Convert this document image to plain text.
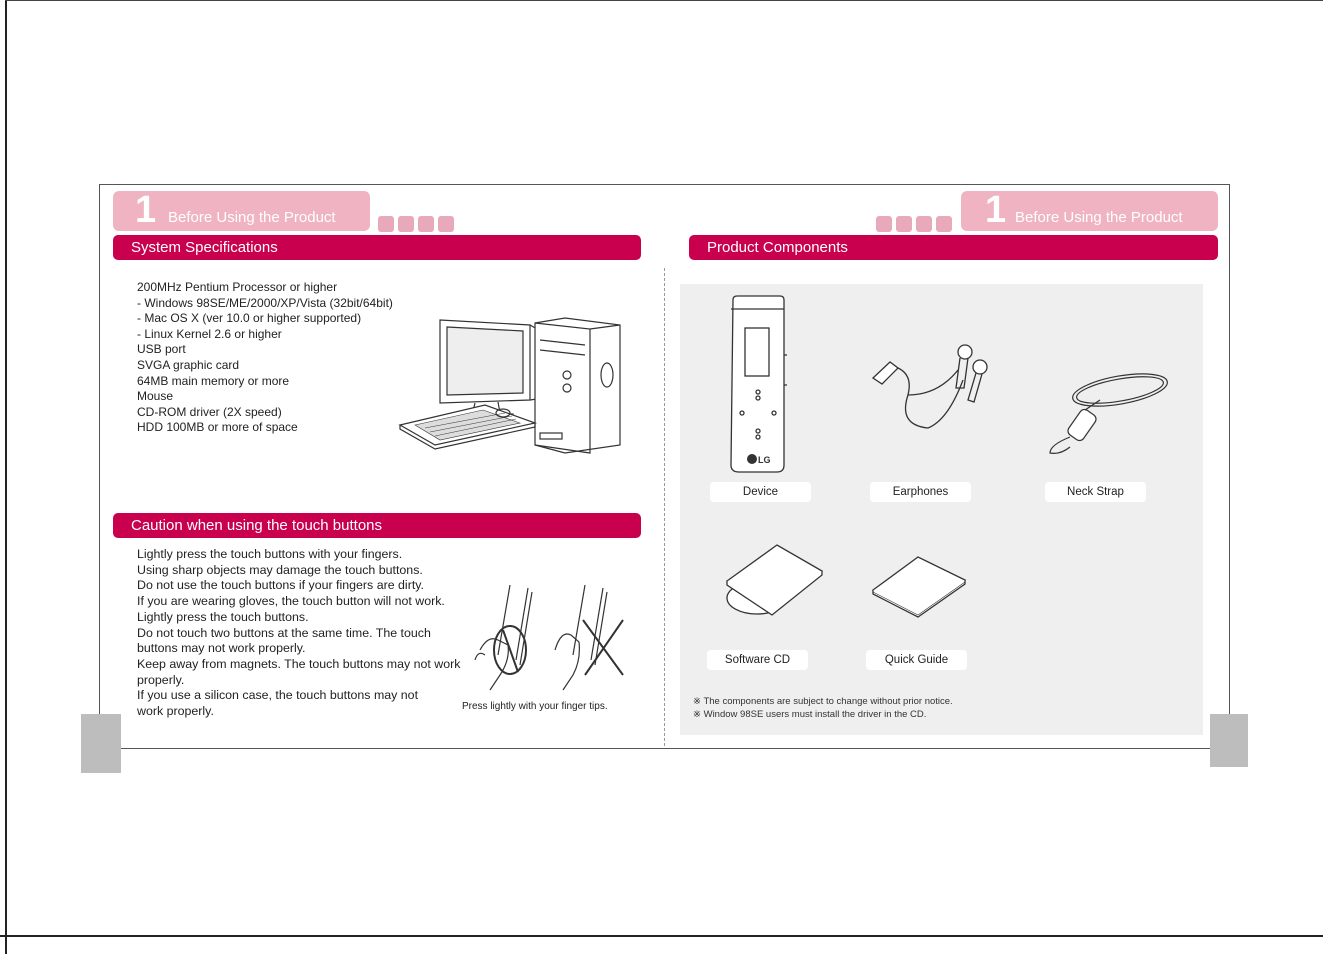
1 Before Using the Product
System Specifications
200MHz Pentium Processor or higher
- Windows 98SE/ME/2000/XP/Vista (32bit/64bit)
- Mac OS X (ver 10.0 or higher supported)
- Linux Kernel 2.6 or higher
USB port
SVGA graphic card
64MB main memory or more
Mouse
CD-ROM driver (2X speed)
HDD 100MB or more of space
Caution when using the touch buttons
Lightly press the touch buttons with your fingers.
Using sharp objects may damage the touch buttons.
Do not use the touch buttons if your fingers are dirty.
If you are wearing gloves, the touch button will not work.
Lightly press the touch buttons.
Do not touch two buttons at the same time. The touch
buttons may not work properly.
Keep away from magnets. The touch buttons may not work
properly.
If you use a silicon case, the touch buttons may not
work properly.	Press lightly with your finger tips.
1 Before Using the Product
Product Components
LG
Device	Earphones	Neck Strap
Software CD	Quick Guide
※ The components are subject to change without prior notice.
※ Window 98SE users must install the driver in the CD.
